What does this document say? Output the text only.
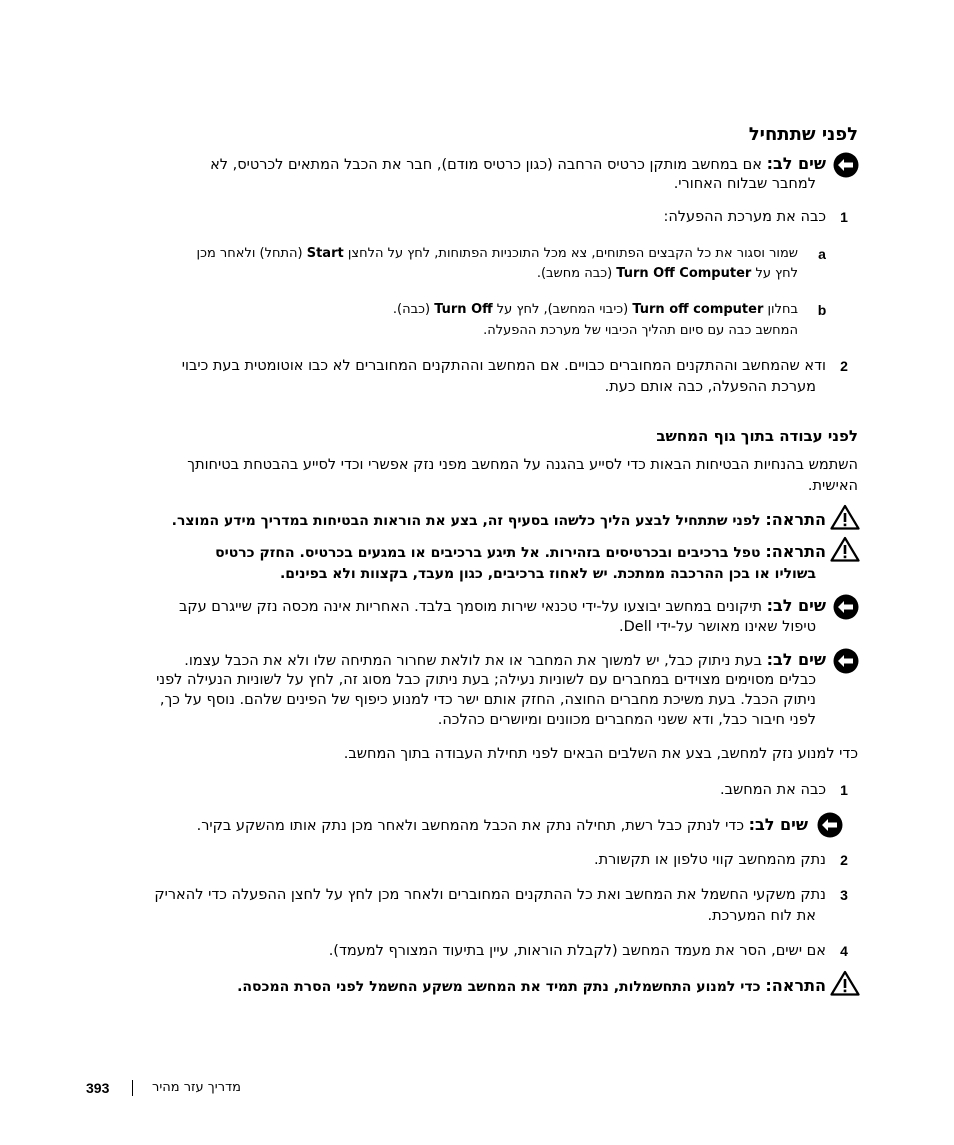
לפני שתתחיל
שים לב: אם במחשב מותקן כרטיס הרחבה (כגון כרטיס מודם), חבר את הכבל המתאים לכרטיס, לא
למחבר שבלוח האחורי.
1
כבה את מערכת ההפעלה:
a
שמור וסגור את כל הקבצים הפתוחים, צא מכל התוכניות הפתוחות, לחץ על הלחצן Start (התחל) ולאחר מכן
לחץ על Turn Off Computer (כבה מחשב).
b
בחלון Turn off computer (כיבוי המחשב), לחץ על Turn Off (כבה).
המחשב כבה עם סיום תהליך הכיבוי של מערכת ההפעלה.
2
ודא שהמחשב וההתקנים המחוברים כבויים. אם המחשב וההתקנים המחוברים לא כבו אוטומטית בעת כיבוי
מערכת ההפעלה, כבה אותם כעת.
לפני עבודה בתוך גוף המחשב
השתמש בהנחיות הבטיחות הבאות כדי לסייע בהגנה על המחשב מפני נזק אפשרי וכדי לסייע בהבטחת בטיחותך
האישית.
התראה: לפני שתתחיל לבצע הליך כלשהו בסעיף זה, בצע את הוראות הבטיחות במדריך מידע המוצר.
התראה: טפל ברכיבים ובכרטיסים בזהירות. אל תיגע ברכיבים או במגעים בכרטיס. החזק כרטיס
בשוליו או בכן ההרכבה ממתכת. יש לאחוז ברכיבים, כגון מעבד, בקצוות ולא בפינים.
שים לב: תיקונים במחשב יבוצעו על-ידי טכנאי שירות מוסמך בלבד. האחריות אינה מכסה נזק שייגרם עקב
טיפול שאינו מאושר על-ידי Dell.
שים לב: בעת ניתוק כבל, יש למשוך את המחבר או את לולאת שחרור המתיחה שלו ולא את הכבל עצמו.
כבלים מסוימים מצוידים במחברים עם לשוניות נעילה; בעת ניתוק כבל מסוג זה, לחץ על לשוניות הנעילה לפני
ניתוק הכבל. בעת משיכת מחברים החוצה, החזק אותם ישר כדי למנוע כיפוף של הפינים שלהם. נוסף על כך,
לפני חיבור כבל, ודא ששני המחברים מכוונים ומיושרים כהלכה.
כדי למנוע נזק למחשב, בצע את השלבים הבאים לפני תחילת העבודה בתוך המחשב.
1
כבה את המחשב.
שים לב: כדי לנתק כבל רשת, תחילה נתק את הכבל מהמחשב ולאחר מכן נתק אותו מהשקע בקיר.
2
נתק מהמחשב קווי טלפון או תקשורת.
3
נתק משקעי החשמל את המחשב ואת כל ההתקנים המחוברים ולאחר מכן לחץ על לחצן ההפעלה כדי להאריק
את לוח המערכת.
4
אם ישים, הסר את מעמד המחשב (לקבלת הוראות, עיין בתיעוד המצורף למעמד).
התראה: כדי למנוע התחשמלות, נתק תמיד את המחשב משקע החשמל לפני הסרת המכסה.
393	מדריך עזר מהיר
